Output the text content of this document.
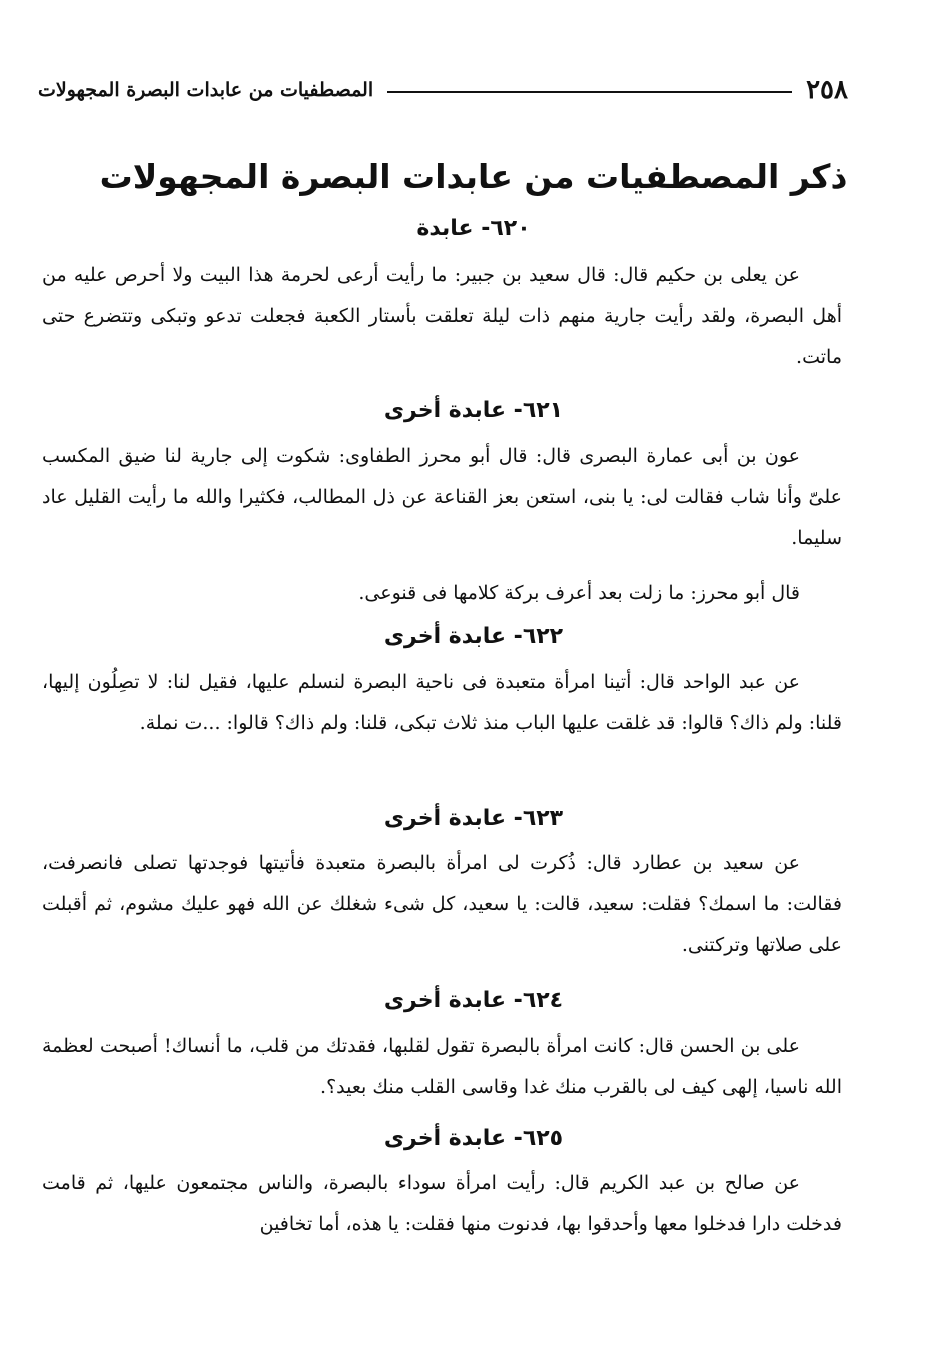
المصطفيات من عابدات البصرة المجهولات	٢٥٨
ذكر المصطفيات من عابدات البصرة المجهولات
٦٢٠- عابدة
عن يعلى بن حكيم قال: قال سعيد بن جبير: ما رأيت أرعى لحرمة هذا البيت ولا أحرص عليه من أهل البصرة، ولقد رأيت جارية منهم ذات ليلة تعلقت بأستار الكعبة فجعلت تدعو وتبكى وتتضرع حتى ماتت.
٦٢١- عابدة أخرى
عون بن أبى عمارة البصرى قال: قال أبو محرز الطفاوى: شكوت إلى جارية لنا ضيق المكسب علىّ وأنا شاب فقالت لى: يا بنى، استعن بعز القناعة عن ذل المطالب، فكثيرا والله ما رأيت القليل عاد سليما.
قال أبو محرز: ما زلت بعد أعرف بركة كلامها فى قنوعى.
٦٢٢- عابدة أخرى
عن عبد الواحد قال: أتينا امرأة متعبدة فى ناحية البصرة لنسلم عليها، فقيل لنا: لا تصِلُون إليها، قلنا: ولم ذاك؟ قالوا: قد غلقت عليها الباب منذ ثلاث تبكى، قلنا: ولم ذاك؟ قالوا: ...ت نملة.
٦٢٣- عابدة أخرى
عن سعيد بن عطارد قال: ذُكرت لى امرأة بالبصرة متعبدة فأتيتها فوجدتها تصلى فانصرفت، فقالت: ما اسمك؟ فقلت: سعيد، قالت: يا سعيد، كل شىء شغلك عن الله فهو عليك مشوم، ثم أقبلت على صلاتها وتركتنى.
٦٢٤- عابدة أخرى
على بن الحسن قال: كانت امرأة بالبصرة تقول لقلبها، فقدتك من قلب، ما أنساك! أصبحت لعظمة الله ناسيا، إلهى كيف لى بالقرب منك غدا وقاسى القلب منك بعيد؟.
٦٢٥- عابدة أخرى
عن صالح بن عبد الكريم قال: رأيت امرأة سوداء بالبصرة، والناس مجتمعون عليها، ثم قامت فدخلت دارا فدخلوا معها وأحدقوا بها، فدنوت منها فقلت: يا هذه، أما تخافين
